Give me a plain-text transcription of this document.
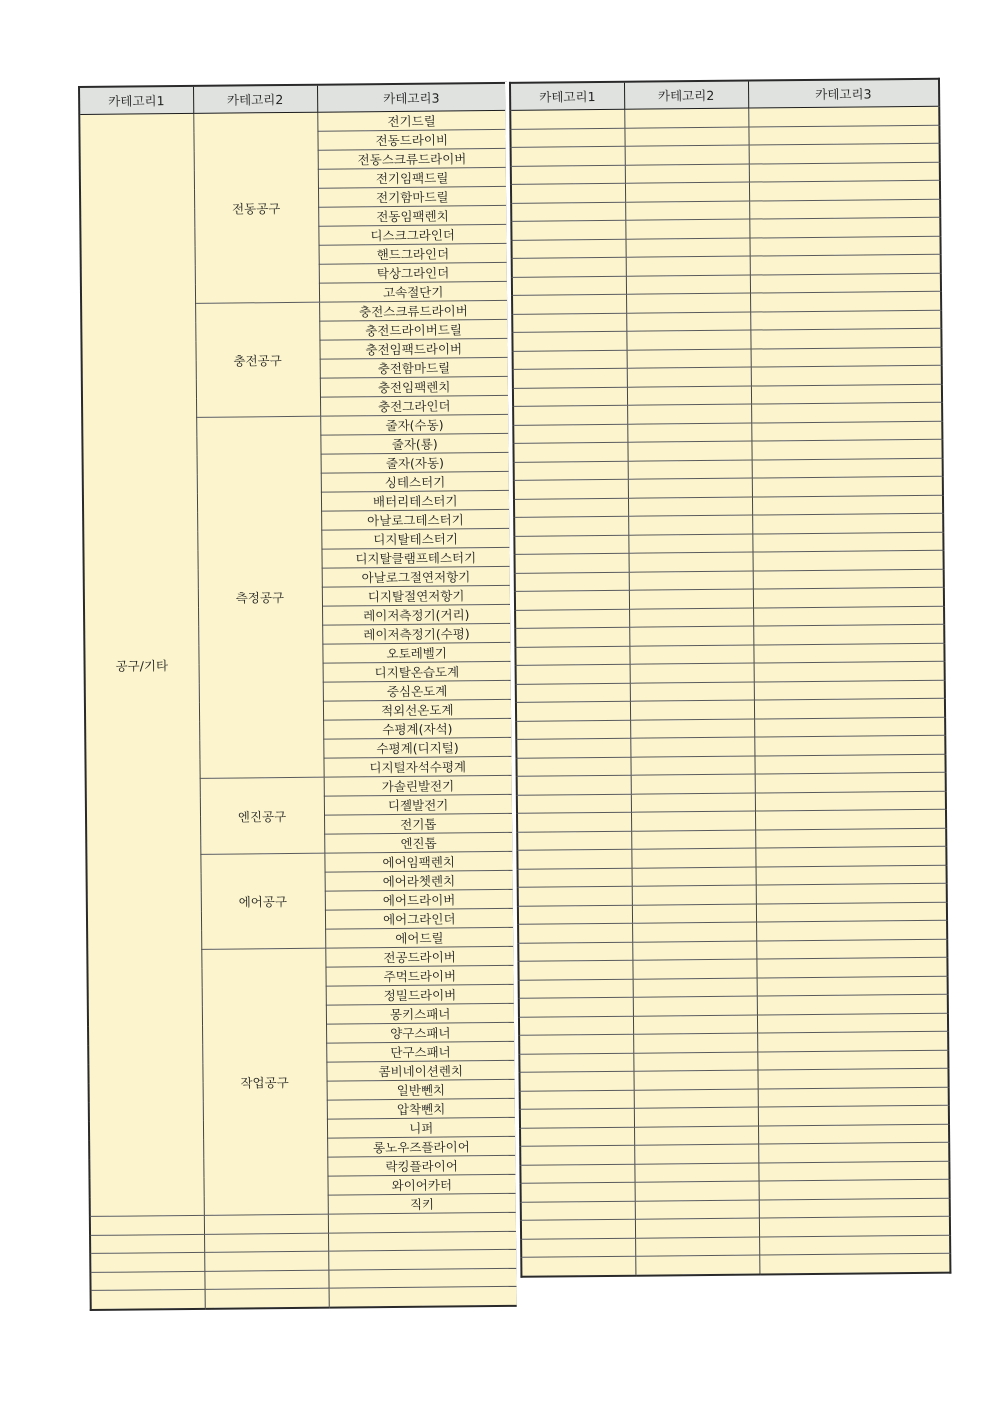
카테고리1	카테고리2	카테고리3
공구/기타	전동공구	전기드릴
		전동드라이비
		전동스크류드라이버
		전기임팩드릴
		전기함마드릴
		전동임팩렌치
		디스크그라인더
		핸드그라인더
		탁상그라인더
		고속절단기
	충전공구	충전스크류드라이버
		충전드라이버드릴
		충전임팩드라이버
		충전함마드릴
		충전임팩렌치
		충전그라인더
	측정공구	줄자(수동)
		줄자(룡)
		줄자(자동)
		싱테스터기
		배터리테스터기
		아날로그테스터기
		디지탈테스터기
		디지탈클램프테스터기
		아날로그절연저항기
		디지탈절연저항기
		레이저측정기(거리)
		레이저측정기(수평)
		오토레벨기
		디지탈온습도계
		중심온도계
		적외선온도계
		수평계(자석)
		수평계(디지털)
		디지털자석수평계
	엔진공구	가솔린발전기
		디젤발전기
		전기톱
		엔진톱
	에어공구	에어임팩렌치
		에어라쳇렌치
		에어드라이버
		에어그라인더
		에어드릴
	작업공구	전공드라이버
		주먹드라이버
		정밀드라이버
		몽키스패너
		양구스패너
		단구스패너
		콤비네이션렌치
		일반뻰치
		압착뻰치
		니퍼
		롱노우즈플라이어
		락킹플라이어
		와이어카터
		직키

카테고리1	카테고리2	카테고리3
